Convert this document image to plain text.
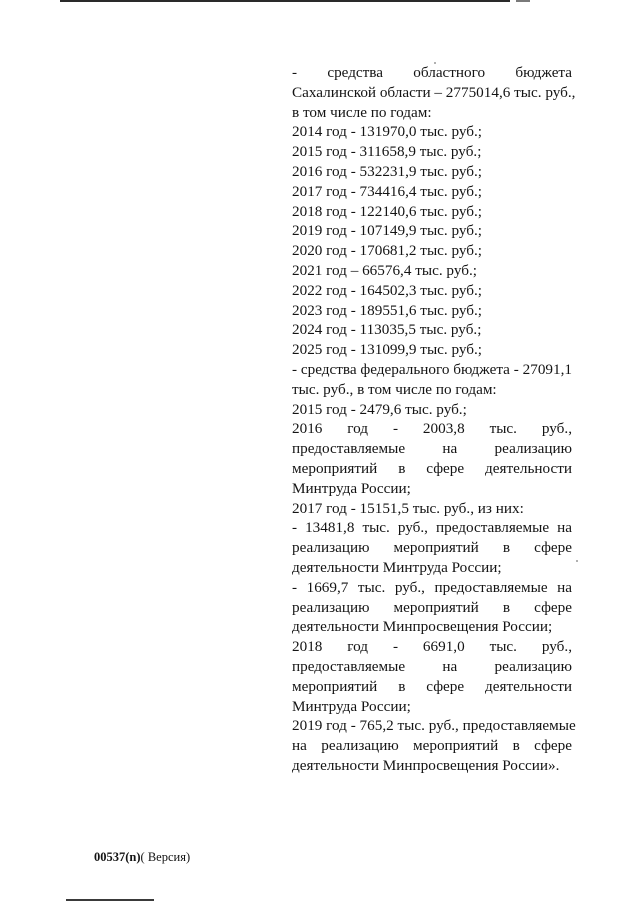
- средства областного бюджета
Сахалинской области – 2775014,6 тыс. руб.,
в том числе по годам:
2014 год - 131970,0 тыс. руб.;
2015 год - 311658,9 тыс. руб.;
2016 год - 532231,9 тыс. руб.;
2017 год - 734416,4 тыс. руб.;
2018 год - 122140,6 тыс. руб.;
2019 год - 107149,9 тыс. руб.;
2020 год - 170681,2 тыс. руб.;
2021 год – 66576,4 тыс. руб.;
2022 год - 164502,3 тыс. руб.;
2023 год - 189551,6 тыс. руб.;
2024 год - 113035,5 тыс. руб.;
2025 год - 131099,9 тыс. руб.;
- средства федерального бюджета - 27091,1
тыс. руб., в том числе по годам:
2015 год - 2479,6 тыс. руб.;
2016 год - 2003,8 тыс. руб.,
предоставляемые на реализацию
мероприятий в сфере деятельности
Минтруда России;
2017 год - 15151,5 тыс. руб., из них:
- 13481,8 тыс. руб., предоставляемые на
реализацию мероприятий в сфере
деятельности Минтруда России;
- 1669,7 тыс. руб., предоставляемые на
реализацию мероприятий в сфере
деятельности Минпросвещения России;
2018 год - 6691,0 тыс. руб.,
предоставляемые на реализацию
мероприятий в сфере деятельности
Минтруда России;
2019 год - 765,2 тыс. руб., предоставляемые
на реализацию мероприятий в сфере
деятельности Минпросвещения России».
00537(n)( Версия)
